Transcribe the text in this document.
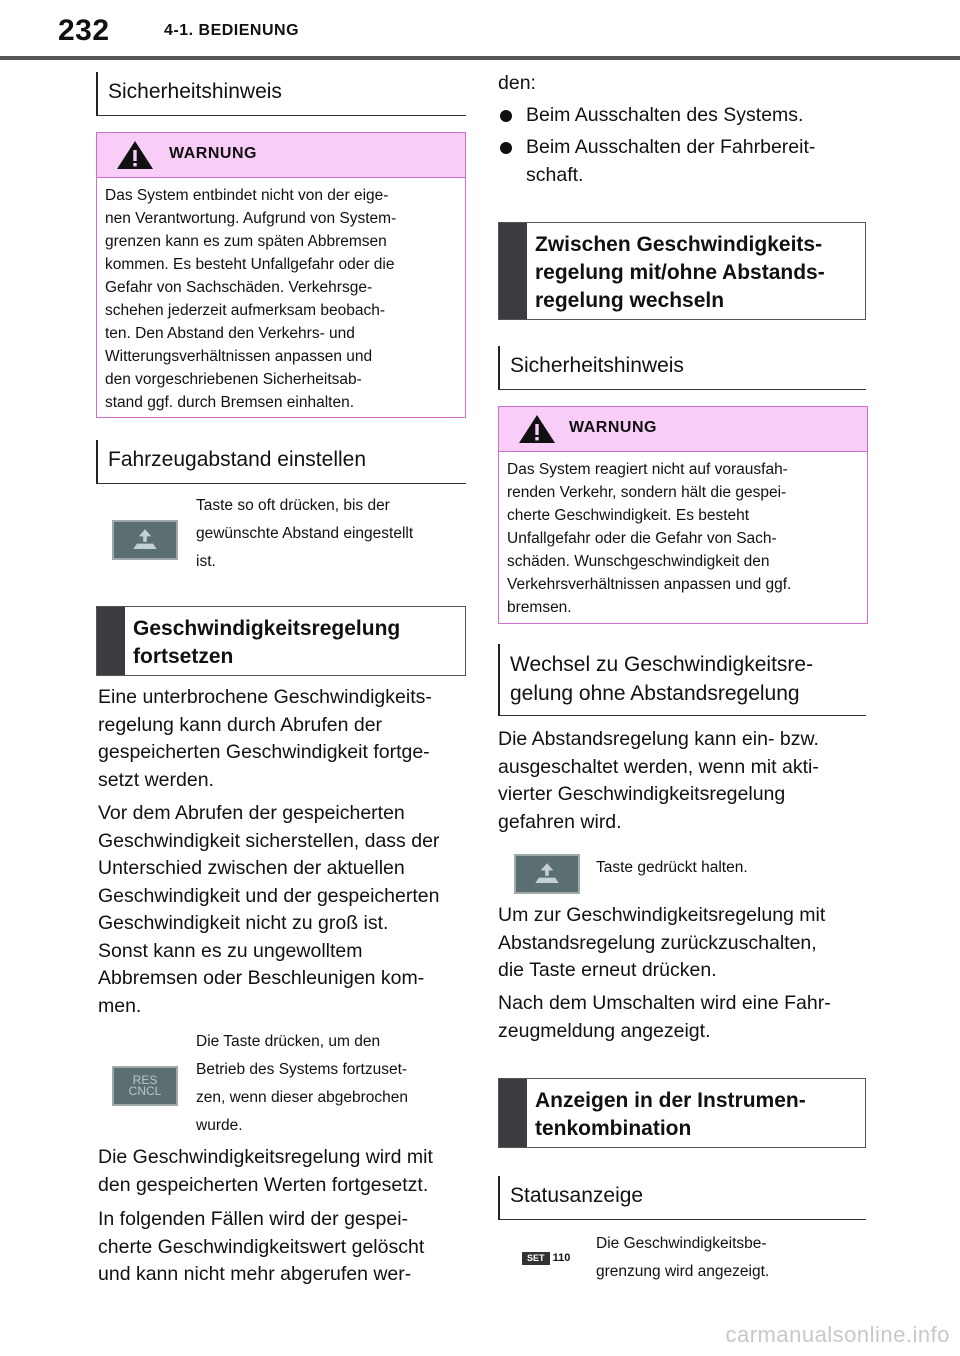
232	4-1. BEDIENUNG
Sicherheitshinweis
WARNUNG
Das System entbindet nicht von der eige-
nen Verantwortung. Aufgrund von System-
grenzen kann es zum späten Abbremsen
kommen. Es besteht Unfallgefahr oder die
Gefahr von Sachschäden. Verkehrsge-
schehen jederzeit aufmerksam beobach-
ten. Den Abstand den Verkehrs- und
Witterungsverhältnissen anpassen und
den vorgeschriebenen Sicherheitsab-
stand ggf. durch Bremsen einhalten.
Fahrzeugabstand einstellen
Taste so oft drücken, bis der
gewünschte Abstand eingestellt
ist.
Geschwindigkeitsregelung
fortsetzen
Eine unterbrochene Geschwindigkeits-
regelung kann durch Abrufen der
gespeicherten Geschwindigkeit fortge-
setzt werden.
Vor dem Abrufen der gespeicherten
Geschwindigkeit sicherstellen, dass der
Unterschied zwischen der aktuellen
Geschwindigkeit und der gespeicherten
Geschwindigkeit nicht zu groß ist.
Sonst kann es zu ungewolltem
Abbremsen oder Beschleunigen kom-
men.
RES
CNCL
Die Taste drücken, um den
Betrieb des Systems fortzuset-
zen, wenn dieser abgebrochen
wurde.
Die Geschwindigkeitsregelung wird mit
den gespeicherten Werten fortgesetzt.
In folgenden Fällen wird der gespei-
cherte Geschwindigkeitswert gelöscht
und kann nicht mehr abgerufen wer-
den:
Beim Ausschalten des Systems.
Beim Ausschalten der Fahrbereit-
schaft.
Zwischen Geschwindigkeits-
regelung mit/ohne Abstands-
regelung wechseln
Sicherheitshinweis
WARNUNG
Das System reagiert nicht auf vorausfah-
renden Verkehr, sondern hält die gespei-
cherte Geschwindigkeit. Es besteht
Unfallgefahr oder die Gefahr von Sach-
schäden. Wunschgeschwindigkeit den
Verkehrsverhältnissen anpassen und ggf.
bremsen.
Wechsel zu Geschwindigkeitsre-
gelung ohne Abstandsregelung
Die Abstandsregelung kann ein- bzw.
ausgeschaltet werden, wenn mit akti-
vierter Geschwindigkeitsregelung
gefahren wird.
Taste gedrückt halten.
Um zur Geschwindigkeitsregelung mit
Abstandsregelung zurückzuschalten,
die Taste erneut drücken.
Nach dem Umschalten wird eine Fahr-
zeugmeldung angezeigt.
Anzeigen in der Instrumen-
tenkombination
Statusanzeige
SET 110
Die Geschwindigkeitsbe-
grenzung wird angezeigt.
carmanualsonline.info
